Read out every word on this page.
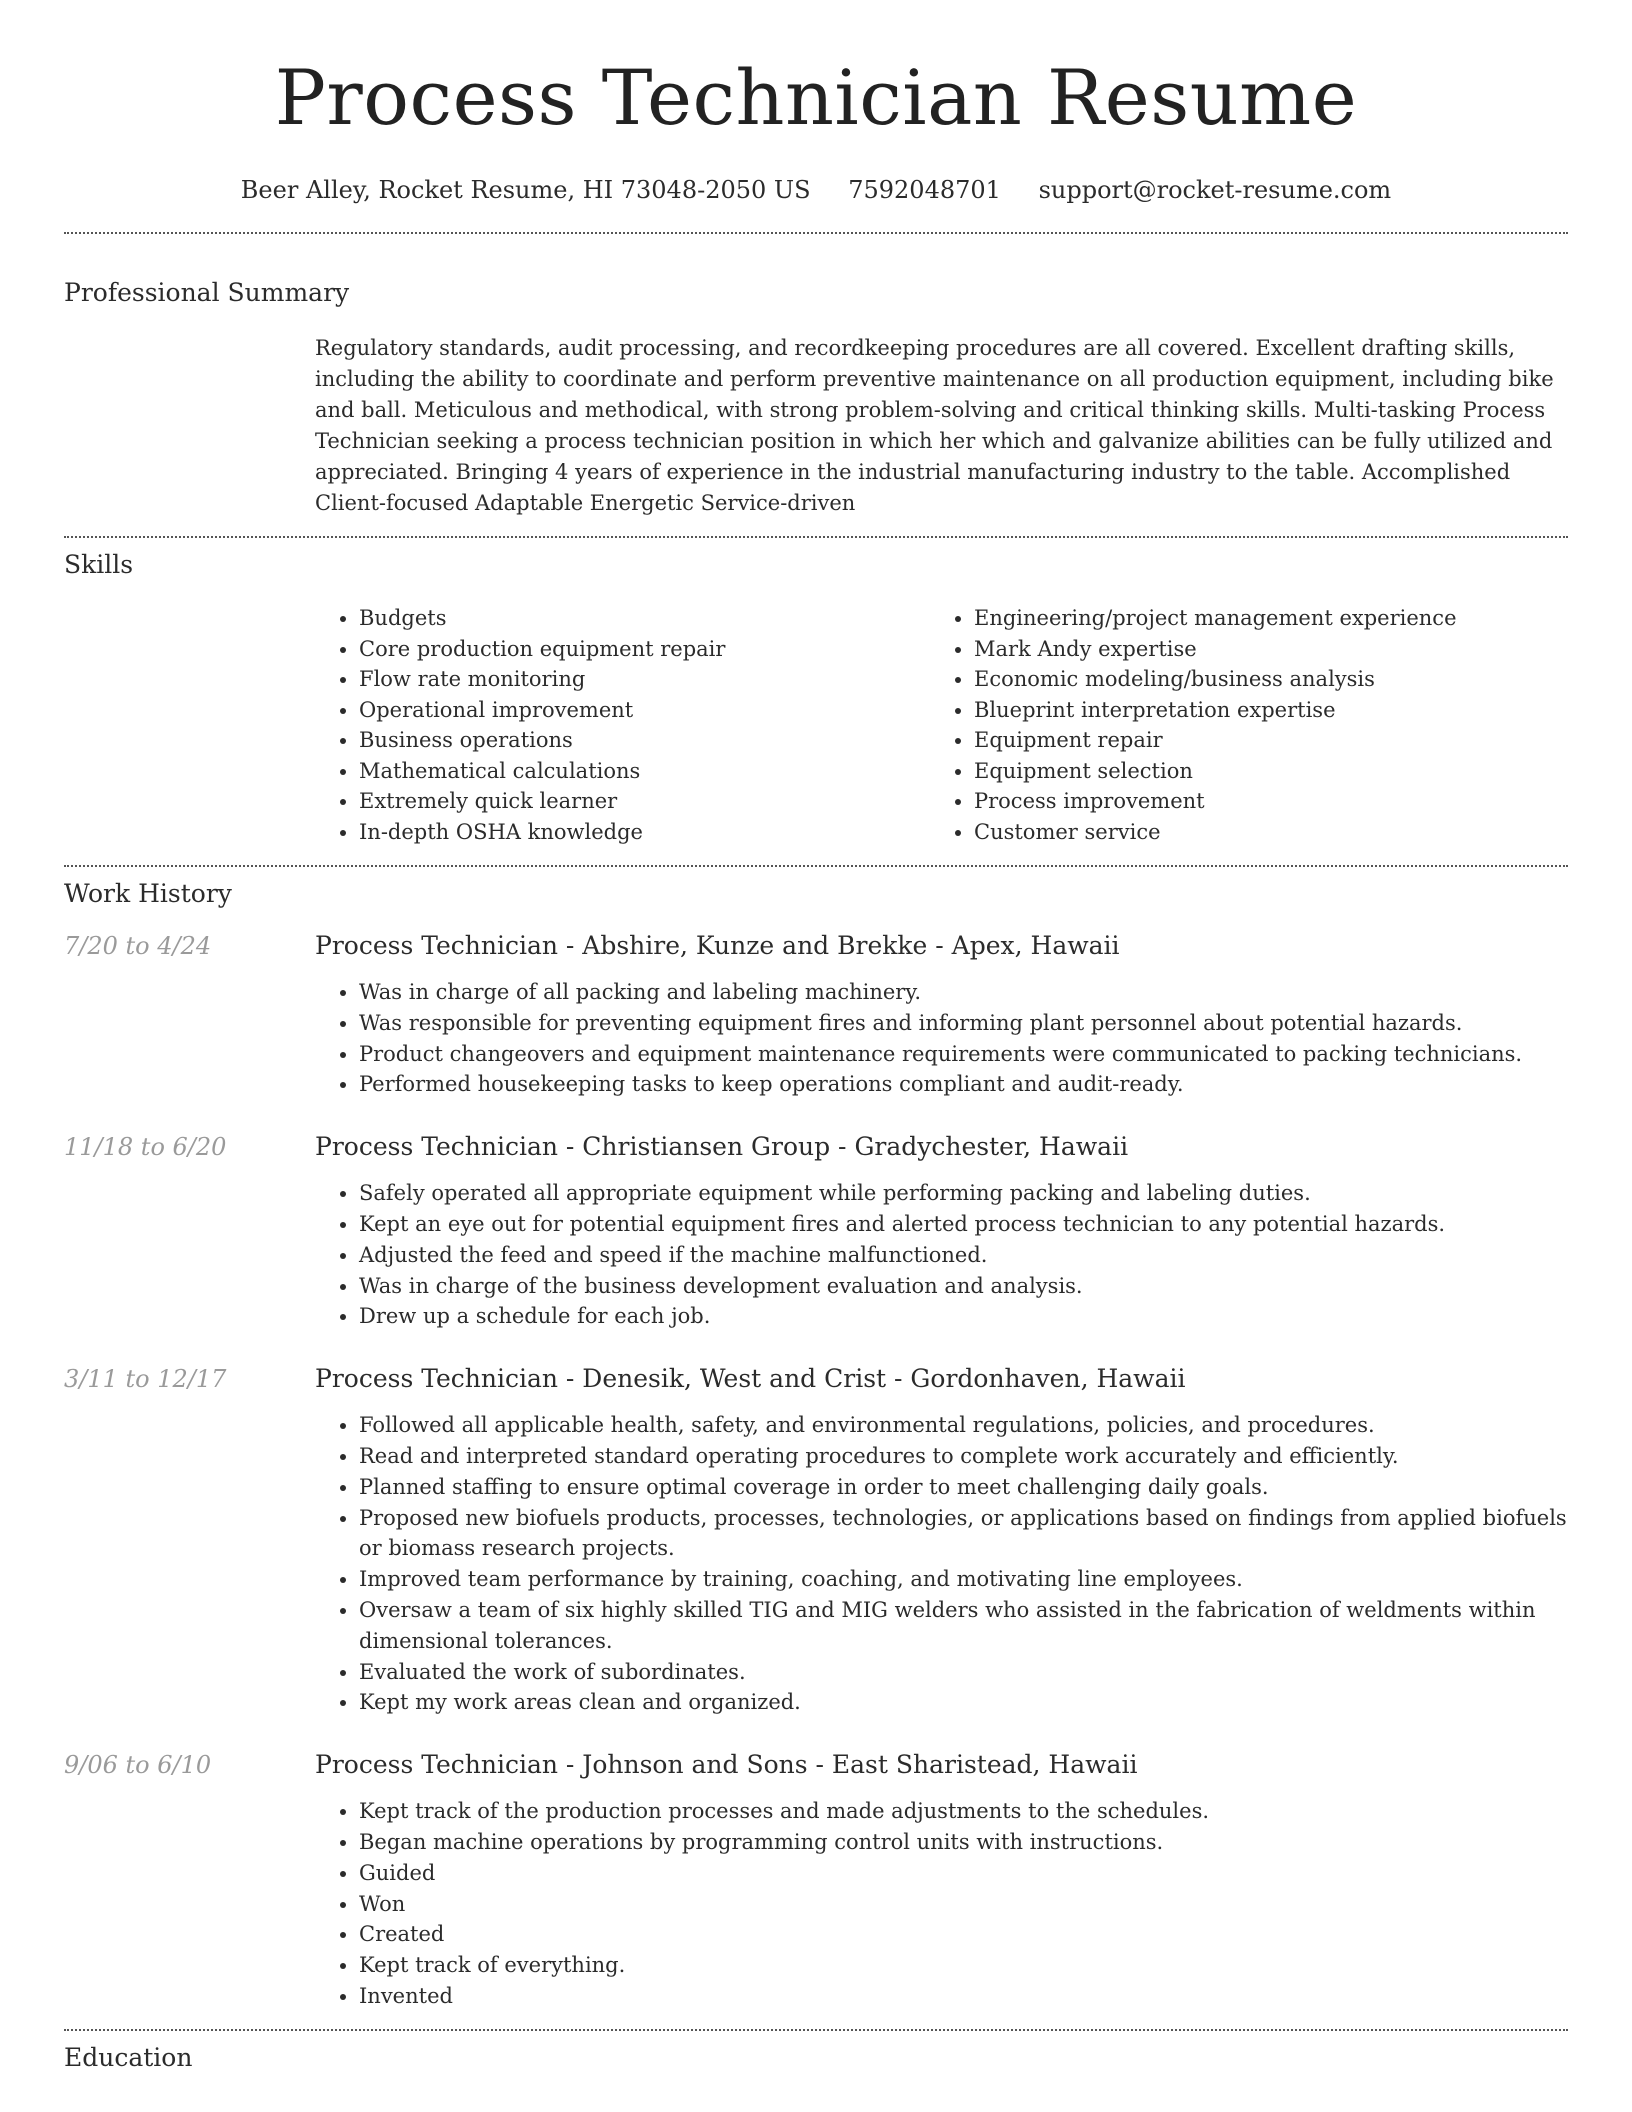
Process Technician Resume
Beer Alley, Rocket Resume, HI 73048-2050 US 7592048701 support@rocket-resume.com
Professional Summary
Regulatory standards, audit processing, and recordkeeping procedures are all covered. Excellent drafting skills, including the ability to coordinate and perform preventive maintenance on all production equipment, including bike and ball. Meticulous and methodical, with strong problem-solving and critical thinking skills. Multi-tasking Process Technician seeking a process technician position in which her which and galvanize abilities can be fully utilized and appreciated. Bringing 4 years of experience in the industrial manufacturing industry to the table. Accomplished Client-focused Adaptable Energetic Service-driven
Skills
• Budgets
• Core production equipment repair
• Flow rate monitoring
• Operational improvement
• Business operations
• Mathematical calculations
• Extremely quick learner
• In-depth OSHA knowledge
• Engineering/project management experience
• Mark Andy expertise
• Economic modeling/business analysis
• Blueprint interpretation expertise
• Equipment repair
• Equipment selection
• Process improvement
• Customer service
Work History
7/20 to 4/24	Process Technician - Abshire, Kunze and Brekke - Apex, Hawaii
• Was in charge of all packing and labeling machinery.
• Was responsible for preventing equipment fires and informing plant personnel about potential hazards.
• Product changeovers and equipment maintenance requirements were communicated to packing technicians.
• Performed housekeeping tasks to keep operations compliant and audit-ready.
11/18 to 6/20	Process Technician - Christiansen Group - Gradychester, Hawaii
• Safely operated all appropriate equipment while performing packing and labeling duties.
• Kept an eye out for potential equipment fires and alerted process technician to any potential hazards.
• Adjusted the feed and speed if the machine malfunctioned.
• Was in charge of the business development evaluation and analysis.
• Drew up a schedule for each job.
3/11 to 12/17	Process Technician - Denesik, West and Crist - Gordonhaven, Hawaii
• Followed all applicable health, safety, and environmental regulations, policies, and procedures.
• Read and interpreted standard operating procedures to complete work accurately and efficiently.
• Planned staffing to ensure optimal coverage in order to meet challenging daily goals.
• Proposed new biofuels products, processes, technologies, or applications based on findings from applied biofuels or biomass research projects.
• Improved team performance by training, coaching, and motivating line employees.
• Oversaw a team of six highly skilled TIG and MIG welders who assisted in the fabrication of weldments within dimensional tolerances.
• Evaluated the work of subordinates.
• Kept my work areas clean and organized.
9/06 to 6/10	Process Technician - Johnson and Sons - East Sharistead, Hawaii
• Kept track of the production processes and made adjustments to the schedules.
• Began machine operations by programming control units with instructions.
• Guided
• Won
• Created
• Kept track of everything.
• Invented
Education
